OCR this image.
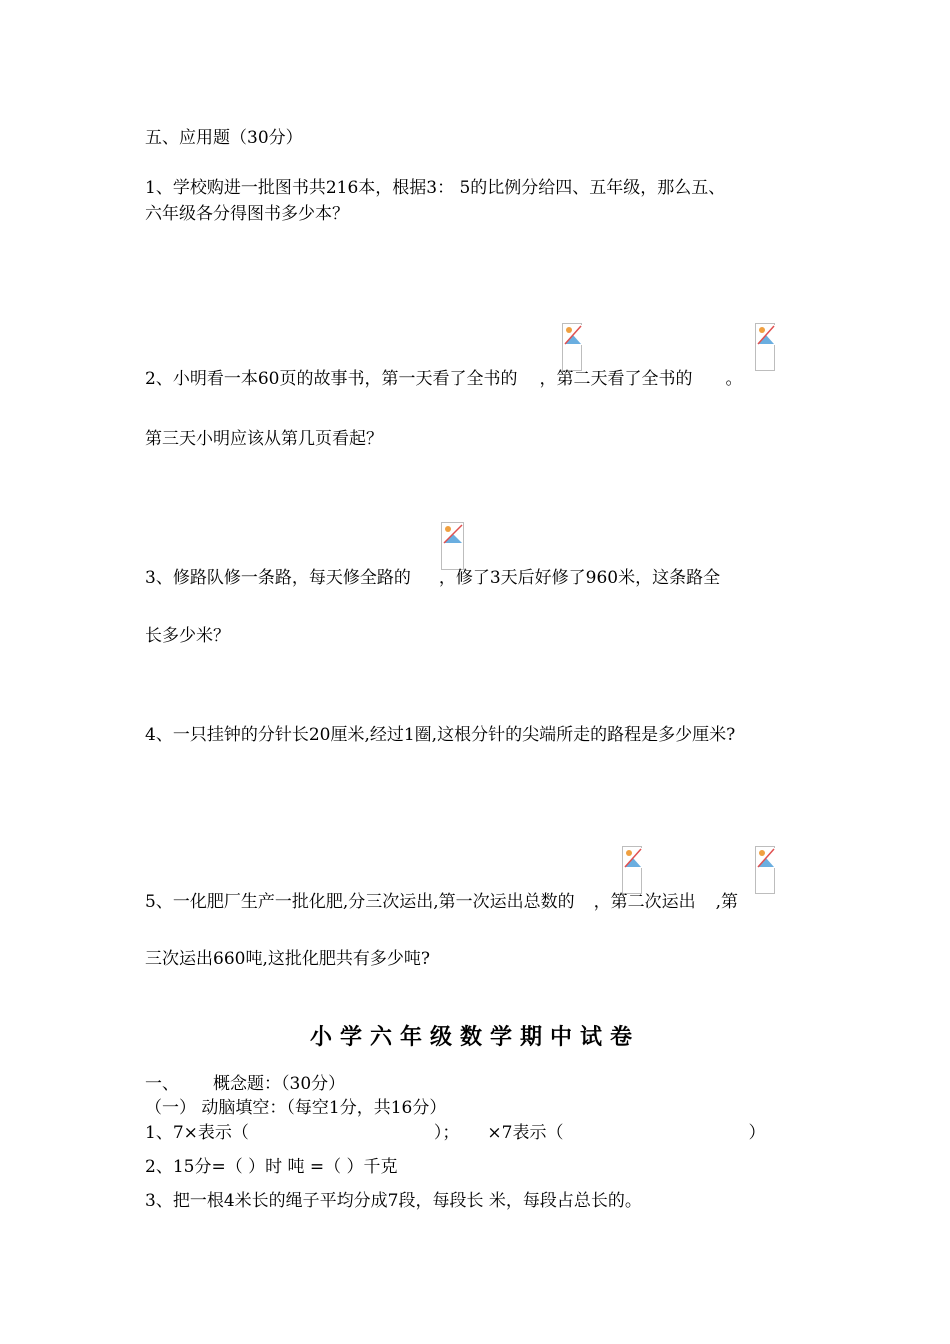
五、应用题（30分）
1、学校购进一批图书共216本，根据3： 5的比例分给四、五年级，那么五、
六年级各分得图书多少本？
2、小明看一本60页的故事书，第一天看了全书的 ，第二天看了全书的 。
第三天小明应该从第几页看起？
3、修路队修一条路，每天修全路的 ，修了3天后好修了960米，这条路全
长多少米？
4、一只挂钟的分针长20厘米,经过1圈,这根分针的尖端所走的路程是多少厘米?
5、一化肥厂生产一批化肥,分三次运出,第一次运出总数的 ，第二次运出 ,第
三次运出660吨,这批化肥共有多少吨?
小学六年级数学期中试卷
一、 概念题：（30分）
（一） 动脑填空：（每空1分，共16分）
1、7×表示（	）； ×7表示（	）
2、15分=（ ）时 吨 =（ ）千克
3、把一根4米长的绳子平均分成7段，每段长 米，每段占总长的。
